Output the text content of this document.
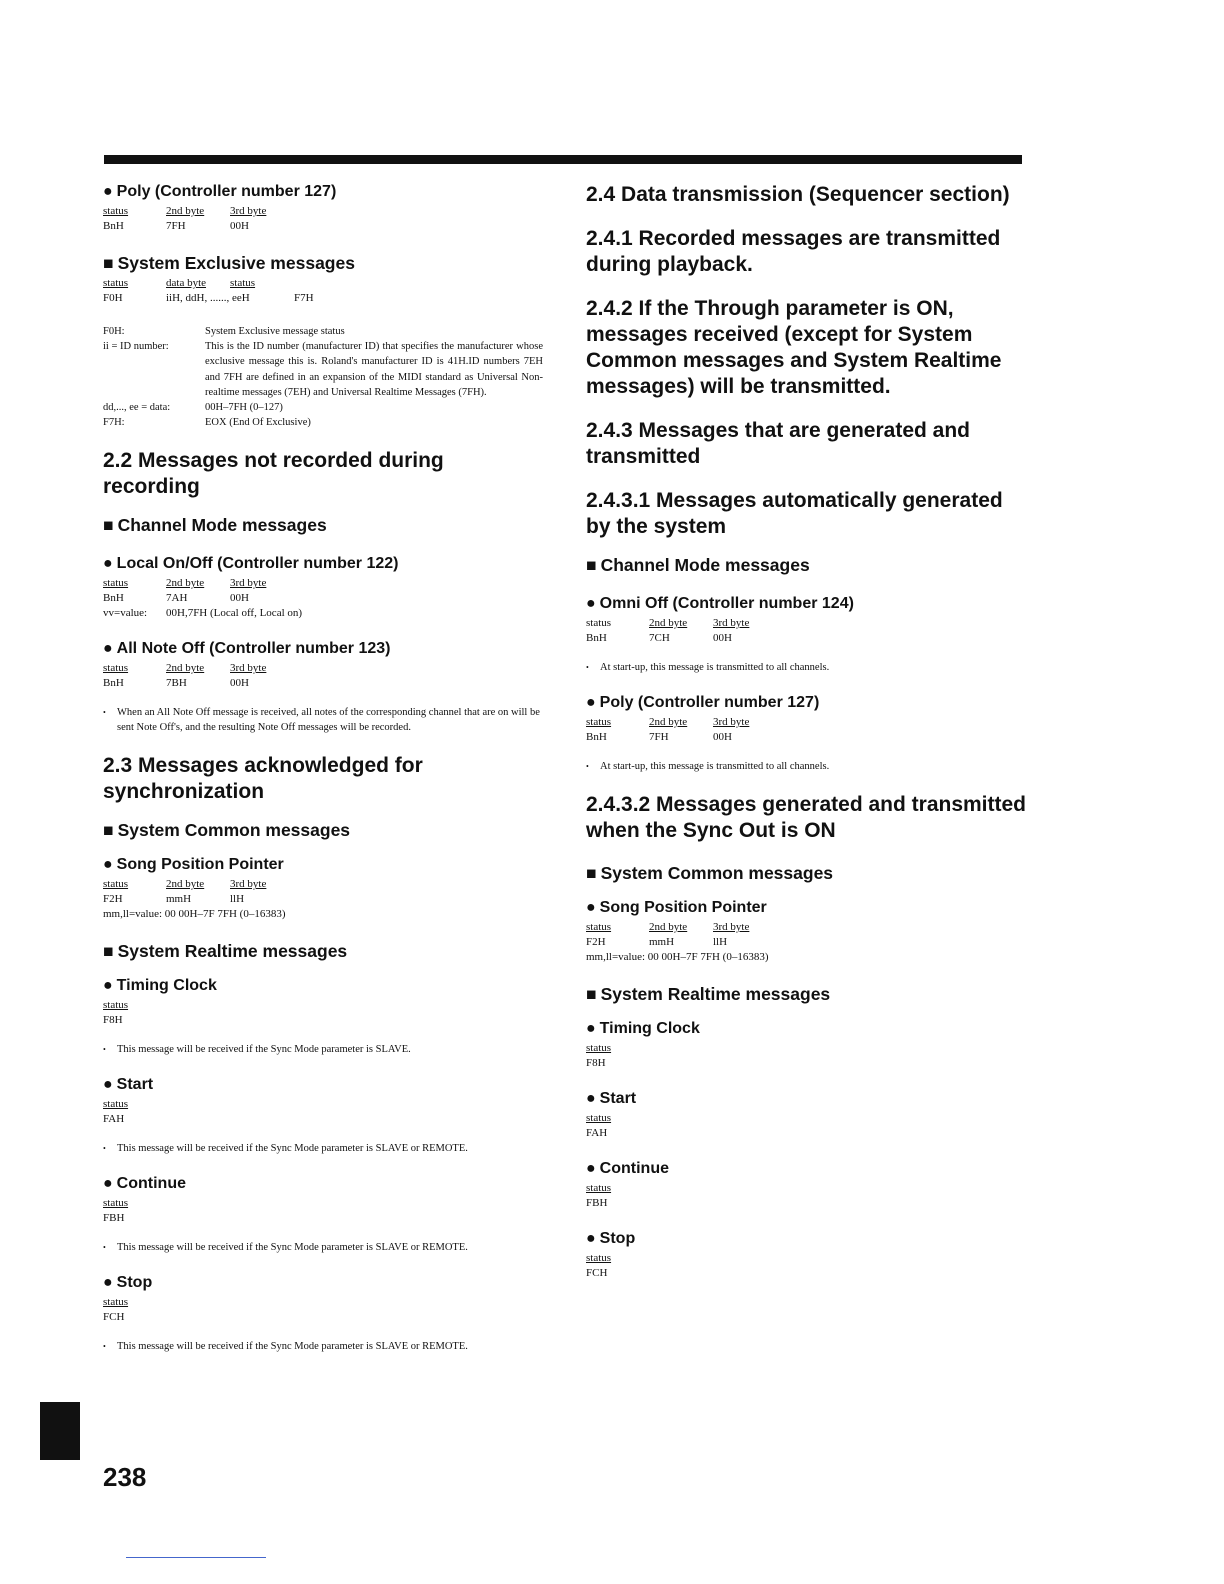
● Poly (Controller number 127)
status	2nd byte	3rd byte
BnH	7FH	00H
■ System Exclusive messages
status	data byte	status
F0H	iiH, ddH, ......, eeH	F7H
F0H:	System Exclusive message status
ii = ID number:	This is the ID number (manufacturer ID) that specifies the manufacturer whose exclusive message this is. Roland's manufacturer ID is 41H.ID numbers 7EH and 7FH are defined in an expansion of the MIDI standard as Universal Non-realtime messages (7EH) and Universal Realtime Messages (7FH).
dd,..., ee = data:	00H–7FH (0–127)
F7H:	EOX (End Of Exclusive)
2.2 Messages not recorded during recording
■ Channel Mode messages
● Local On/Off (Controller number 122)
status	2nd byte	3rd byte
BnH	7AH	00H
vv=value:	00H,7FH (Local off, Local on)
● All Note Off (Controller number 123)
status	2nd byte	3rd byte
BnH	7BH	00H
• When an All Note Off message is received, all notes of the corresponding channel that are on will be sent Note Off's, and the resulting Note Off messages will be recorded.
2.3 Messages acknowledged for synchronization
■ System Common messages
● Song Position Pointer
status	2nd byte	3rd byte
F2H	mmH	llH
mm,ll=value: 00 00H–7F 7FH (0–16383)
■ System Realtime messages
● Timing Clock
status
F8H
• This message will be received if the Sync Mode parameter is SLAVE.
● Start
status
FAH
• This message will be received if the Sync Mode parameter is SLAVE or REMOTE.
● Continue
status
FBH
• This message will be received if the Sync Mode parameter is SLAVE or REMOTE.
● Stop
status
FCH
• This message will be received if the Sync Mode parameter is SLAVE or REMOTE.
2.4 Data transmission (Sequencer section)
2.4.1 Recorded messages are transmitted during playback.
2.4.2 If the Through parameter is ON, messages received (except for System Common messages and System Realtime messages) will be transmitted.
2.4.3 Messages that are generated and transmitted
2.4.3.1 Messages automatically generated by the system
■ Channel Mode messages
● Omni Off (Controller number 124)
status	2nd byte	3rd byte
BnH	7CH	00H
• At start-up, this message is transmitted to all channels.
● Poly (Controller number 127)
status	2nd byte	3rd byte
BnH	7FH	00H
• At start-up, this message is transmitted to all channels.
2.4.3.2 Messages generated and transmitted when the Sync Out is ON
■ System Common messages
● Song Position Pointer
status	2nd byte	3rd byte
F2H	mmH	llH
mm,ll=value: 00 00H–7F 7FH (0–16383)
■ System Realtime messages
● Timing Clock
status
F8H
● Start
status
FAH
● Continue
status
FBH
● Stop
status
FCH
238
